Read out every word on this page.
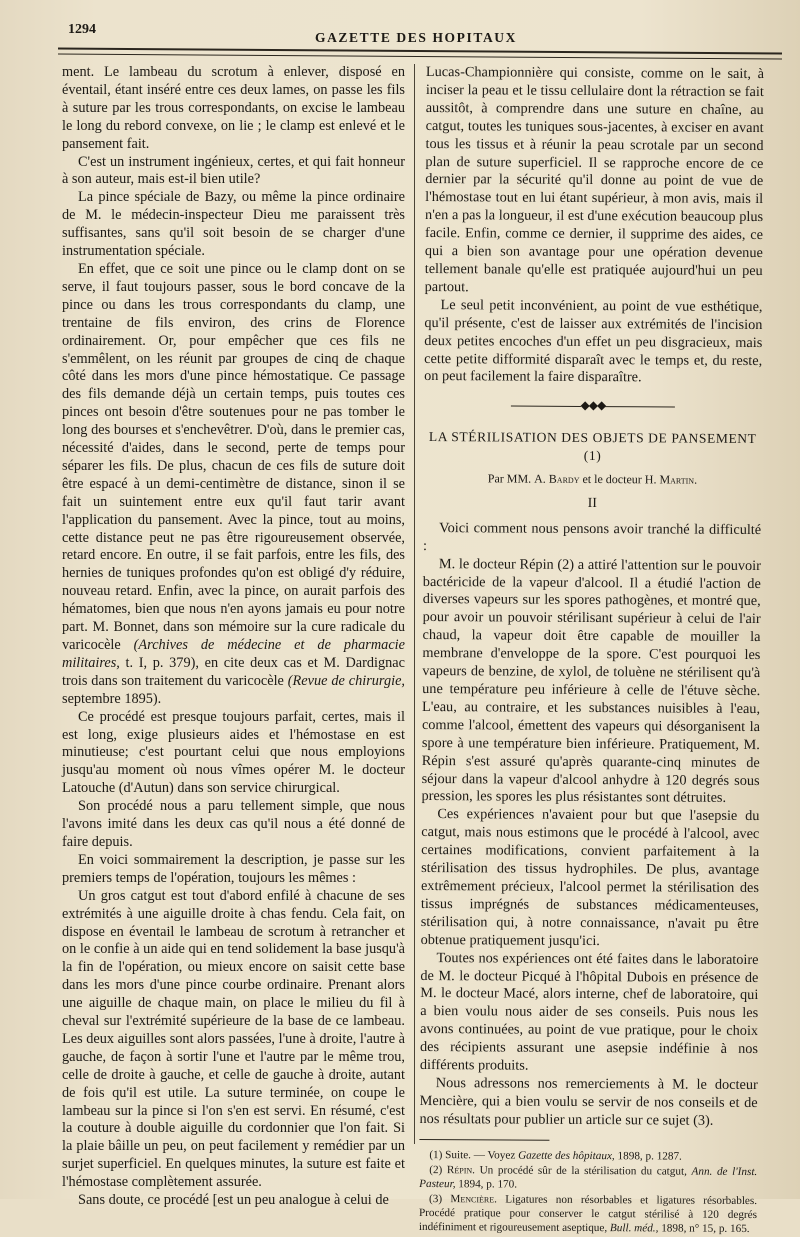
1294
GAZETTE DES HOPITAUX

ment. Le lambeau du scrotum à enlever, disposé en éventail, étant inséré entre ces deux lames, on passe les fils à suture par les trous correspondants, on excise le lambeau le long du rebord convexe, on lie ; le clamp est enlevé et le pansement fait.

C'est un instrument ingénieux, certes, et qui fait honneur à son auteur, mais est-il bien utile?

La pince spéciale de Bazy, ou même la pince ordinaire de M. le médecin-inspecteur Dieu me paraissent très suffisantes, sans qu'il soit besoin de se charger d'une instrumentation spéciale.

En effet, que ce soit une pince ou le clamp dont on se serve, il faut toujours passer, sous le bord concave de la pince ou dans les trous correspondants du clamp, une trentaine de fils environ, des crins de Florence ordinairement. Or, pour empêcher que ces fils ne s'emmêlent, on les réunit par groupes de cinq de chaque côté dans les mors d'une pince hémostatique. Ce passage des fils demande déjà un certain temps, puis toutes ces pinces ont besoin d'être soutenues pour ne pas tomber le long des bourses et s'enchevêtrer. D'où, dans le premier cas, nécessité d'aides, dans le second, perte de temps pour séparer les fils. De plus, chacun de ces fils de suture doit être espacé à un demi-centimètre de distance, sinon il se fait un suintement entre eux qu'il faut tarir avant l'application du pansement. Avec la pince, tout au moins, cette distance peut ne pas être rigoureusement observée, retard encore. En outre, il se fait parfois, entre les fils, des hernies de tuniques profondes qu'on est obligé d'y réduire, nouveau retard. Enfin, avec la pince, on aurait parfois des hématomes, bien que nous n'en ayons jamais eu pour notre part. M. Bonnet, dans son mémoire sur la cure radicale du varicocèle (Archives de médecine et de pharmacie militaires, t. I, p. 379), en cite deux cas et M. Dardignac trois dans son traitement du varicocèle (Revue de chirurgie, septembre 1895).

Ce procédé est presque toujours parfait, certes, mais il est long, exige plusieurs aides et l'hémostase en est minutieuse; c'est pourtant celui que nous employions jusqu'au moment où nous vîmes opérer M. le docteur Latouche (d'Autun) dans son service chirurgical.

Son procédé nous a paru tellement simple, que nous l'avons imité dans les deux cas qu'il nous a été donné de faire depuis.

En voici sommairement la description, je passe sur les premiers temps de l'opération, toujours les mêmes :

Un gros catgut est tout d'abord enfilé à chacune de ses extrémités à une aiguille droite à chas fendu. Cela fait, on dispose en éventail le lambeau de scrotum à retrancher et on le confie à un aide qui en tend solidement la base jusqu'à la fin de l'opération, ou mieux encore on saisit cette base dans les mors d'une pince courbe ordinaire. Prenant alors une aiguille de chaque main, on place le milieu du fil à cheval sur l'extrémité supérieure de la base de ce lambeau. Les deux aiguilles sont alors passées, l'une à droite, l'autre à gauche, de façon à sortir l'une et l'autre par le même trou, celle de droite à gauche, et celle de gauche à droite, autant de fois qu'il est utile. La suture terminée, on coupe le lambeau sur la pince si l'on s'en est servi. En résumé, c'est la couture à double aiguille du cordonnier que l'on fait. Si la plaie bâille un peu, on peut facilement y remédier par un surjet superficiel. En quelques minutes, la suture est faite et l'hémostase complètement assurée.

Sans doute, ce procédé [est un peu analogue à celui de

Lucas-Championnière qui consiste, comme on le sait, à inciser la peau et le tissu cellulaire dont la rétraction se fait aussitôt, à comprendre dans une suture en chaîne, au catgut, toutes les tuniques sous-jacentes, à exciser en avant tous les tissus et à réunir la peau scrotale par un second plan de suture superficiel. Il se rapproche encore de ce dernier par la sécurité qu'il donne au point de vue de l'hémostase tout en lui étant supérieur, à mon avis, mais il n'en a pas la longueur, il est d'une exécution beaucoup plus facile. Enfin, comme ce dernier, il supprime des aides, ce qui a bien son avantage pour une opération devenue tellement banale qu'elle est pratiquée aujourd'hui un peu partout.

Le seul petit inconvénient, au point de vue esthétique, qu'il présente, c'est de laisser aux extrémités de l'incision deux petites encoches d'un effet un peu disgracieux, mais cette petite difformité disparaît avec le temps et, du reste, on peut facilement la faire disparaître.

◆◆◆
LA STÉRILISATION DES OBJETS DE PANSEMENT (1)
Par MM. A. Bardy et le docteur H. Martin.
II

Voici comment nous pensons avoir tranché la difficulté :

M. le docteur Répin (2) a attiré l'attention sur le pouvoir bactéricide de la vapeur d'alcool. Il a étudié l'action de diverses vapeurs sur les spores pathogènes, et montré que, pour avoir un pouvoir stérilisant supérieur à celui de l'air chaud, la vapeur doit être capable de mouiller la membrane d'enveloppe de la spore. C'est pourquoi les vapeurs de benzine, de xylol, de toluène ne stérilisent qu'à une température peu inférieure à celle de l'étuve sèche. L'eau, au contraire, et les substances nuisibles à l'eau, comme l'alcool, émettent des vapeurs qui désorganisent la spore à une température bien inférieure. Pratiquement, M. Répin s'est assuré qu'après quarante-cinq minutes de séjour dans la vapeur d'alcool anhydre à 120 degrés sous pression, les spores les plus résistantes sont détruites.

Ces expériences n'avaient pour but que l'asepsie du catgut, mais nous estimons que le procédé à l'alcool, avec certaines modifications, convient parfaitement à la stérilisation des tissus hydrophiles. De plus, avantage extrêmement précieux, l'alcool permet la stérilisation des tissus imprégnés de substances médicamenteuses, stérilisation qui, à notre connaissance, n'avait pu être obtenue pratiquement jusqu'ici.

Toutes nos expériences ont été faites dans le laboratoire de M. le docteur Picqué à l'hôpital Dubois en présence de M. le docteur Macé, alors interne, chef de laboratoire, qui a bien voulu nous aider de ses conseils. Puis nous les avons continuées, au point de vue pratique, pour le choix des récipients assurant une asepsie indéfinie à nos différents produits.

Nous adressons nos remerciements à M. le docteur Mencière, qui a bien voulu se servir de nos conseils et de nos résultats pour publier un article sur ce sujet (3).

(1) Suite. — Voyez Gazette des hôpitaux, 1898, p. 1287.

(2) Répin. Un procédé sûr de la stérilisation du catgut, Ann. de l'Inst. Pasteur, 1894, p. 170.

(3) Mencière. Ligatures non résorbables et ligatures résorbables. Procédé pratique pour conserver le catgut stérilisé à 120 degrés indéfiniment et rigoureusement aseptique, Bull. méd., 1898, n° 15, p. 165.
